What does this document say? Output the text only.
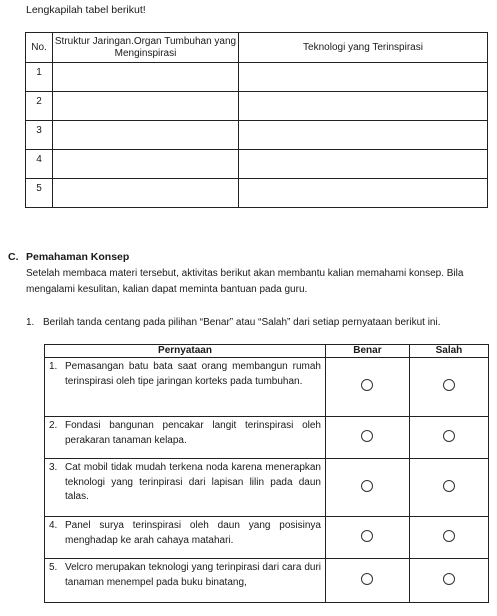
Lengkapilah tabel berikut!
No.	Struktur Jaringan.Organ Tumbuhan yang Menginspirasi	Teknologi yang Terinspirasi
1		
2		
3		
4		
5		
C. Pemahaman Konsep
Setelah membaca materi tersebut, aktivitas berikut akan membantu kalian memahami konsep. Bila mengalami kesulitan, kalian dapat meminta bantuan pada guru.
1. Berilah tanda centang pada pilihan “Benar” atau “Salah” dari setiap pernyataan berikut ini.
Pernyataan	Benar	Salah

1. Pemasangan batu bata saat orang membangun rumah terinspirasi oleh tipe jaringan korteks pada tumbuhan.		

2. Fondasi bangunan pencakar langit terinspirasi oleh perakaran tanaman kelapa.		

3. Cat mobil tidak mudah terkena noda karena menerapkan teknologi yang terinpirasi dari lapisan lilin pada daun talas.		

4. Panel surya terinspirasi oleh daun yang posisinya menghadap ke arah cahaya matahari.		

5. Velcro merupakan teknologi yang terinpirasi dari cara duri tanaman menempel pada buku binatang,		
